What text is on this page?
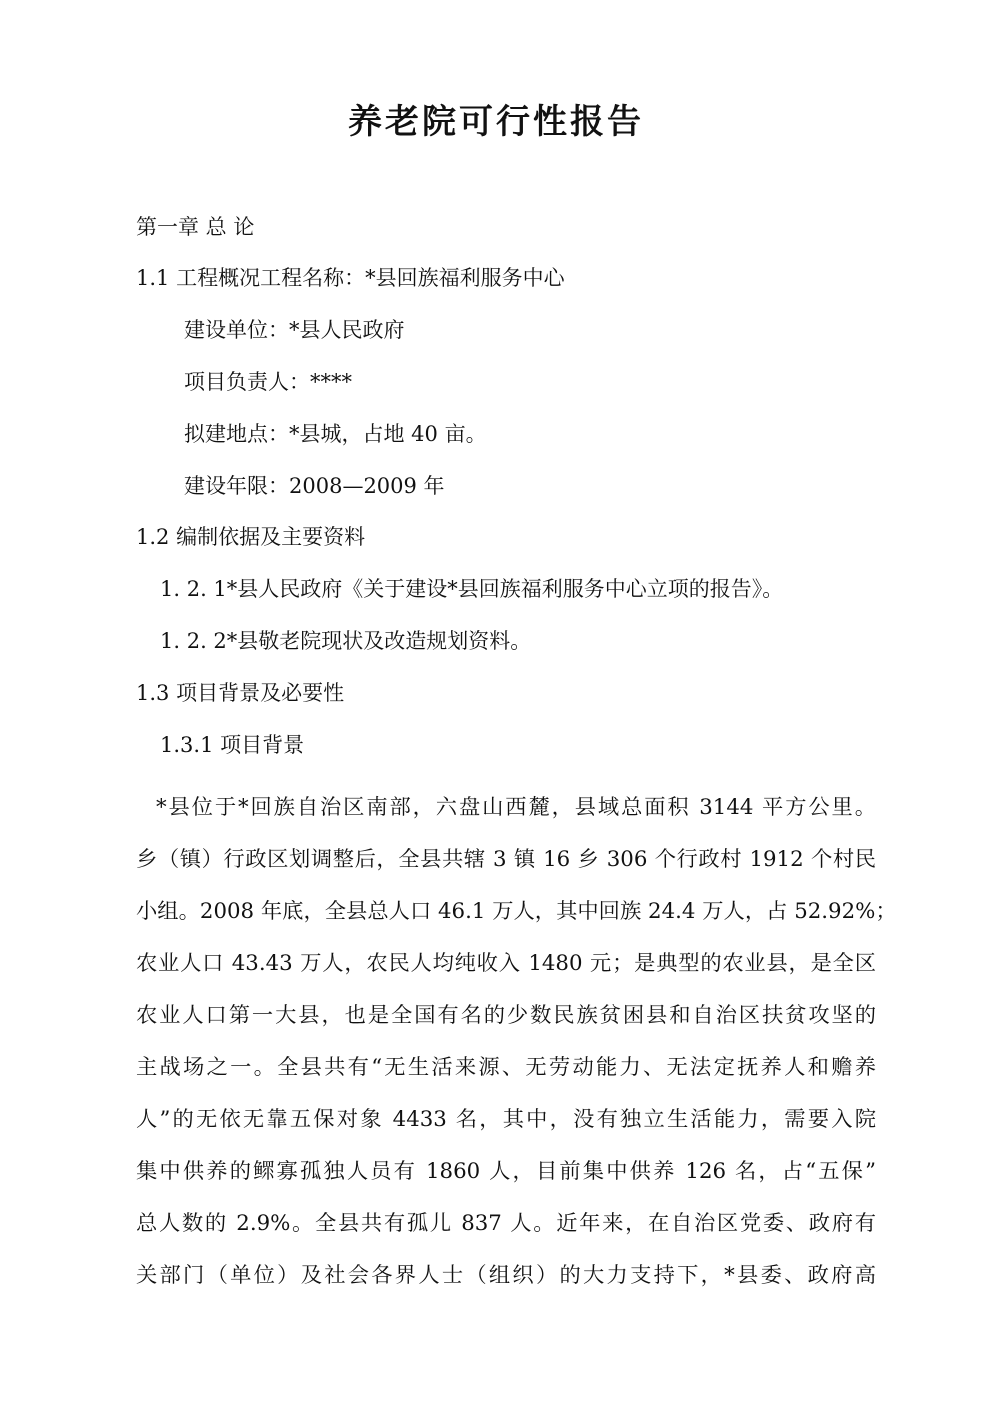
养老院可行性报告
第一章 总 论
1.1 工程概况工程名称：*县回族福利服务中心
建设单位：*县人民政府
项目负责人：****
拟建地点：*县城，占地 40 亩。
建设年限：2008—2009 年
1.2 编制依据及主要资料
1. 2. 1*县人民政府《关于建设*县回族福利服务中心立项的报告》。
1. 2. 2*县敬老院现状及改造规划资料。
1.3 项目背景及必要性
1.3.1 项目背景
*县位于*回族自治区南部，六盘山西麓，县域总面积 3144 平方公里。
乡（镇）行政区划调整后，全县共辖 3 镇 16 乡 306 个行政村 1912 个村民
小组。2008 年底，全县总人口 46.1 万人，其中回族 24.4 万人，占 52.92%；
农业人口 43.43 万人，农民人均纯收入 1480 元；是典型的农业县，是全区
农业人口第一大县，也是全国有名的少数民族贫困县和自治区扶贫攻坚的
主战场之一。全县共有“无生活来源、无劳动能力、无法定抚养人和赡养
人”的无依无靠五保对象 4433 名，其中，没有独立生活能力，需要入院
集中供养的鳏寡孤独人员有 1860 人，目前集中供养 126 名，占“五保”
总人数的 2.9%。全县共有孤儿 837 人。近年来，在自治区党委、政府有
关部门（单位）及社会各界人士（组织）的大力支持下，*县委、政府高
